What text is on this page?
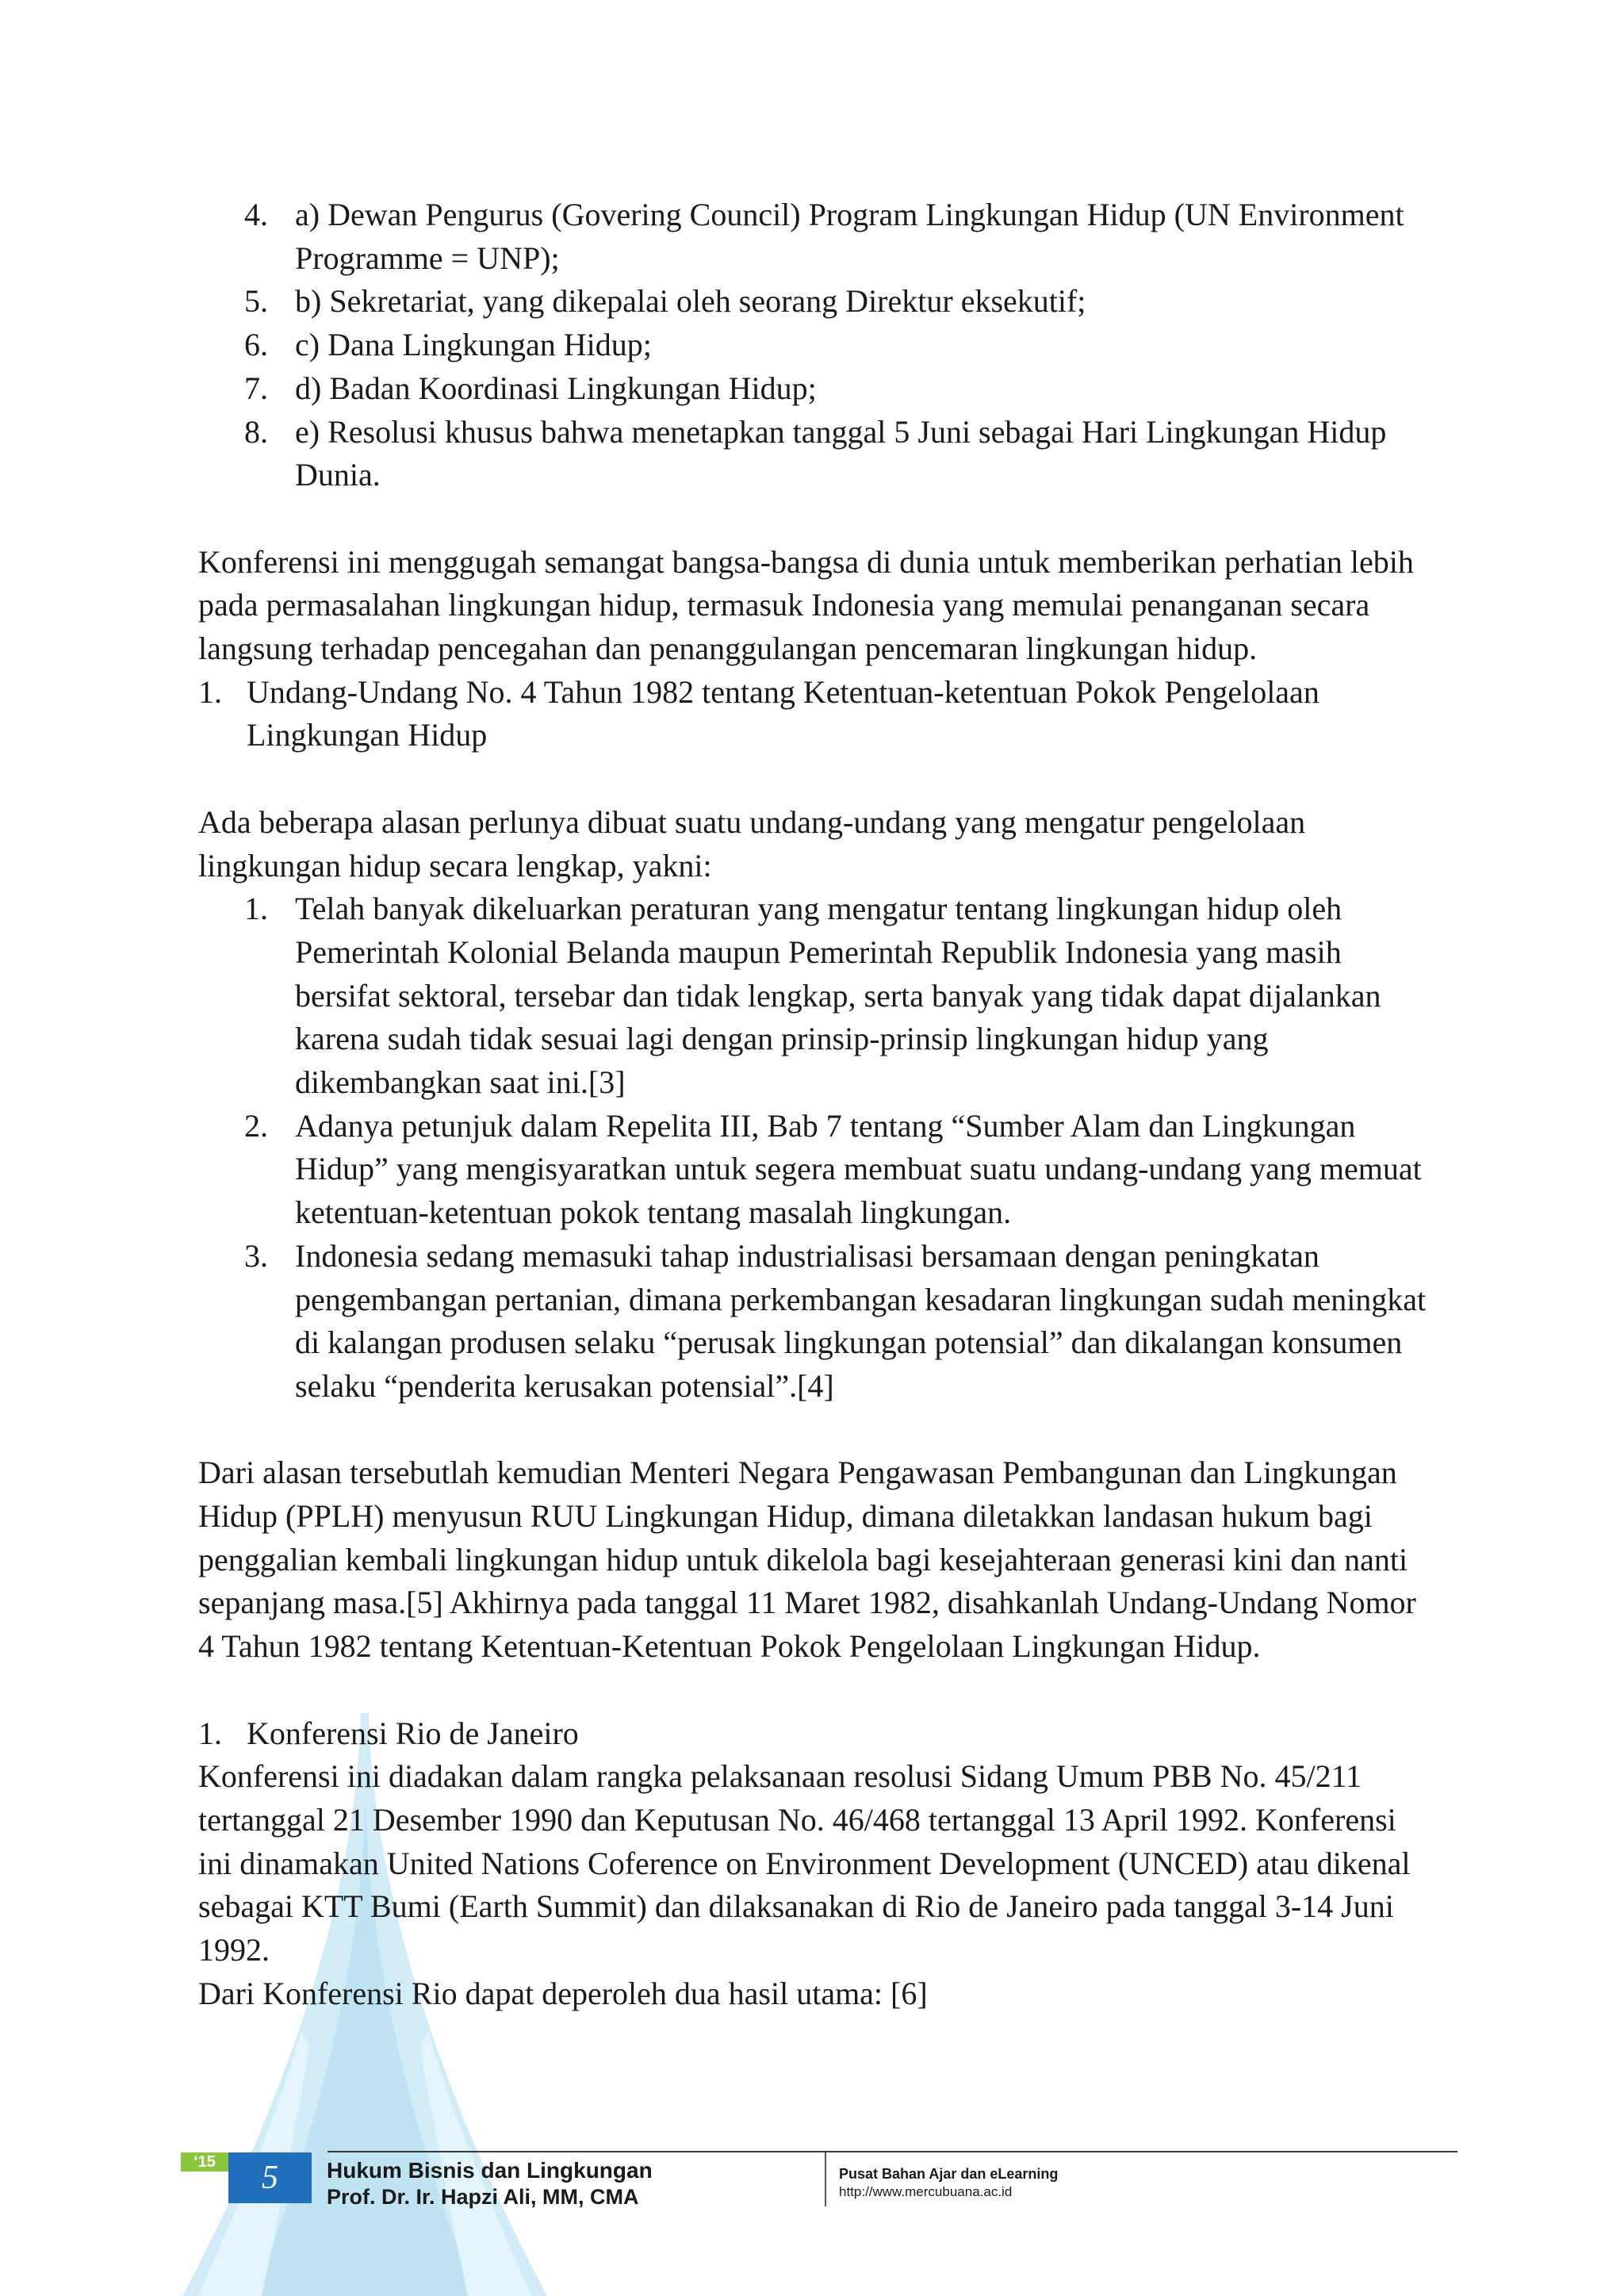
4. a) Dewan Pengurus (Govering Council) Program Lingkungan Hidup (UN Environment Programme = UNP);
5. b) Sekretariat, yang dikepalai oleh seorang Direktur eksekutif;
6. c) Dana Lingkungan Hidup;
7. d) Badan Koordinasi Lingkungan Hidup;
8. e) Resolusi khusus bahwa menetapkan tanggal 5 Juni sebagai Hari Lingkungan Hidup Dunia.

Konferensi ini menggugah semangat bangsa-bangsa di dunia untuk memberikan perhatian lebih pada permasalahan lingkungan hidup, termasuk Indonesia yang memulai penanganan secara langsung terhadap pencegahan dan penanggulangan pencemaran lingkungan hidup.

1. Undang-Undang No. 4 Tahun 1982 tentang Ketentuan-ketentuan Pokok Pengelolaan Lingkungan Hidup

Ada beberapa alasan perlunya dibuat suatu undang-undang yang mengatur pengelolaan lingkungan hidup secara lengkap, yakni:

1. Telah banyak dikeluarkan peraturan yang mengatur tentang lingkungan hidup oleh Pemerintah Kolonial Belanda maupun Pemerintah Republik Indonesia yang masih bersifat sektoral, tersebar dan tidak lengkap, serta banyak yang tidak dapat dijalankan karena sudah tidak sesuai lagi dengan prinsip-prinsip lingkungan hidup yang dikembangkan saat ini.[3]
2. Adanya petunjuk dalam Repelita III, Bab 7 tentang “Sumber Alam dan Lingkungan Hidup” yang mengisyaratkan untuk segera membuat suatu undang-undang yang memuat ketentuan-ketentuan pokok tentang masalah lingkungan.
3. Indonesia sedang memasuki tahap industrialisasi bersamaan dengan peningkatan pengembangan pertanian, dimana perkembangan kesadaran lingkungan sudah meningkat di kalangan produsen selaku “perusak lingkungan potensial” dan dikalangan konsumen selaku “penderita kerusakan potensial”.[4]

Dari alasan tersebutlah kemudian Menteri Negara Pengawasan Pembangunan dan Lingkungan Hidup (PPLH) menyusun RUU Lingkungan Hidup, dimana diletakkan landasan hukum bagi penggalian kembali lingkungan hidup untuk dikelola bagi kesejahteraan generasi kini dan nanti sepanjang masa.[5] Akhirnya pada tanggal 11 Maret 1982, disahkanlah Undang-Undang Nomor 4 Tahun 1982 tentang Ketentuan-Ketentuan Pokok Pengelolaan Lingkungan Hidup.

1. Konferensi Rio de Janeiro

Konferensi ini diadakan dalam rangka pelaksanaan resolusi Sidang Umum PBB No. 45/211 tertanggal 21 Desember 1990 dan Keputusan No. 46/468 tertanggal 13 April 1992. Konferensi ini dinamakan United Nations Coference on Environment Development (UNCED) atau dikenal sebagai KTT Bumi (Earth Summit) dan dilaksanakan di Rio de Janeiro pada tanggal 3-14 Juni 1992.

Dari Konferensi Rio dapat deperoleh dua hasil utama: [6]

‘15	5	Hukum Bisnis dan Lingkungan
Prof. Dr. Ir. Hapzi Ali, MM, CMA
Pusat Bahan Ajar dan eLearning
http://www.mercubuana.ac.id
